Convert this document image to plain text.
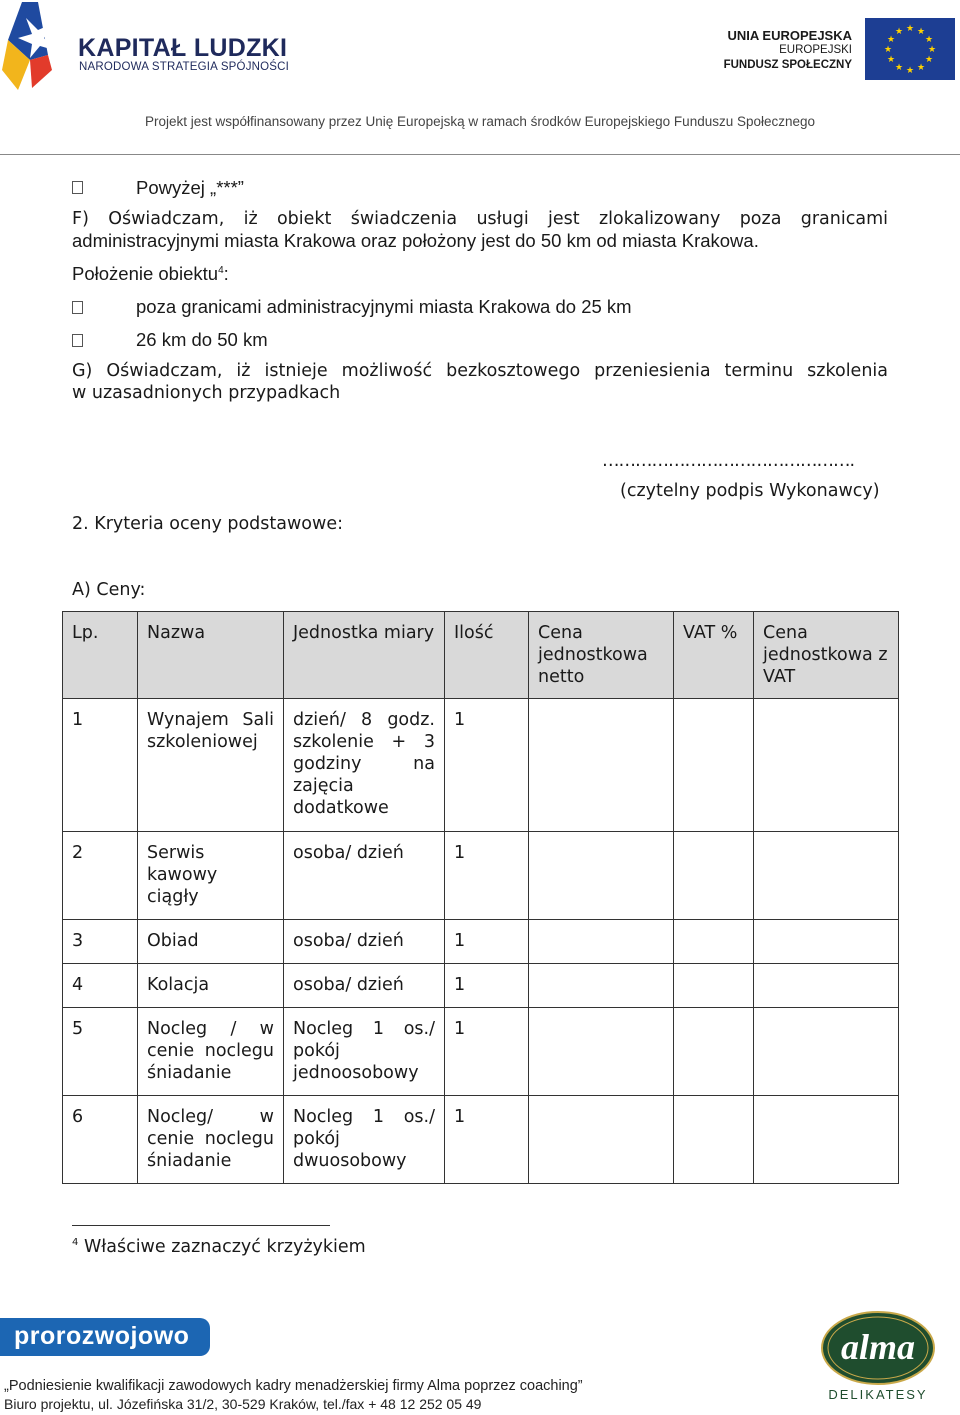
KAPITAŁ LUDZKI
NARODOWA STRATEGIA SPÓJNOŚCI
UNIA EUROPEJSKA
EUROPEJSKI
FUNDUSZ SPOŁECZNY
★ ★
★
★
★
★
★
★
★
★
★
★
Projekt jest współfinansowany przez Unię Europejską w ramach środków Europejskiego Funduszu Społecznego
Powyżej „***”
F) Oświadczam, iż obiekt świadczenia usługi jest zlokalizowany poza granicami
administracyjnymi miasta Krakowa oraz położony jest do 50 km od miasta Krakowa.
Położenie obiektu$^4$:
poza granicami administracyjnymi miasta Krakowa do 25 km
26 km do 50 km
G) Oświadczam, iż istnieje możliwość bezkosztowego przeniesienia terminu szkolenia
w uzasadnionych przypadkach
……………………………………….
(czytelny podpis Wykonawcy)
2. Kryteria oceny podstawowe:
A) Ceny:
Lp.	Nazwa	Jednostka miary	Ilość	Cena jednostkowa netto	VAT %	Cena jednostkowa z VAT
1	Wynajem Sali szkoleniowej	dzień/ 8 godz. szkolenie + 3 godziny na zajęcia dodatkowe	1			
2	Serwis kawowy ciągły	osoba/ dzień	1			
3	Obiad	osoba/ dzień	1			
4	Kolacja	osoba/ dzień	1			
5	Nocleg / w cenie noclegu śniadanie	Nocleg 1 os./ pokój jednoosobowy	1			
6	Nocleg/ w cenie noclegu śniadanie	Nocleg 1 os./ pokój dwuosobowy	1			
$^4$ Właściwe zaznaczyć krzyżykiem
prorozwojowo	alma
DELIKATESY
„Podniesienie kwalifikacji zawodowych kadry menadżerskiej firmy Alma poprzez coaching”
Biuro projektu, ul. Józefińska 31/2, 30-529 Kraków, tel./fax + 48 12 252 05 49
